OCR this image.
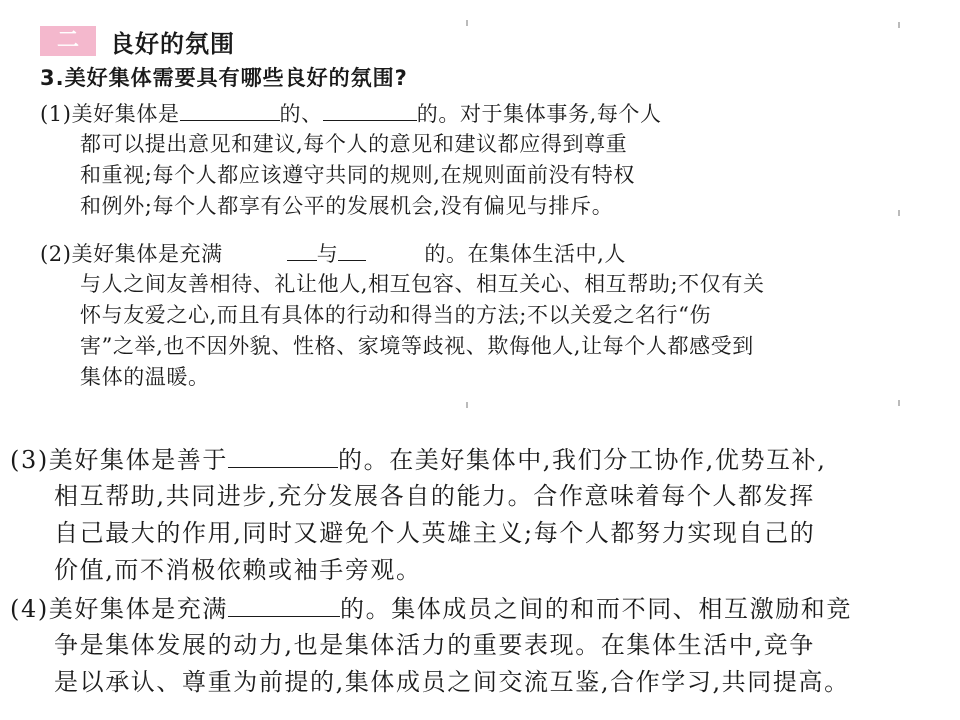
二	良好的氛围
3.美好集体需要具有哪些良好的氛围?
(1)美好集体是	的、	的。对于集体事务,每个人
都可以提出意见和建议,每个人的意见和建议都应得到尊重
和重视;每个人都应该遵守共同的规则,在规则面前没有特权
和例外;每个人都享有公平的发展机会,没有偏见与排斥。
(2)美好集体是充满	与	的。在集体生活中,人
与人之间友善相待、礼让他人,相互包容、相互关心、相互帮助;不仅有关
怀与友爱之心,而且有具体的行动和得当的方法;不以关爱之名行“伤
害”之举,也不因外貌、性格、家境等歧视、欺侮他人,让每个人都感受到
集体的温暖。
(3)美好集体是善于	的。在美好集体中,我们分工协作,优势互补,
相互帮助,共同进步,充分发展各自的能力。合作意味着每个人都发挥
自己最大的作用,同时又避免个人英雄主义;每个人都努力实现自己的
价值,而不消极依赖或袖手旁观。
(4)美好集体是充满	的。集体成员之间的和而不同、相互激励和竞
争是集体发展的动力,也是集体活力的重要表现。在集体生活中,竞争
是以承认、尊重为前提的,集体成员之间交流互鉴,合作学习,共同提高。
